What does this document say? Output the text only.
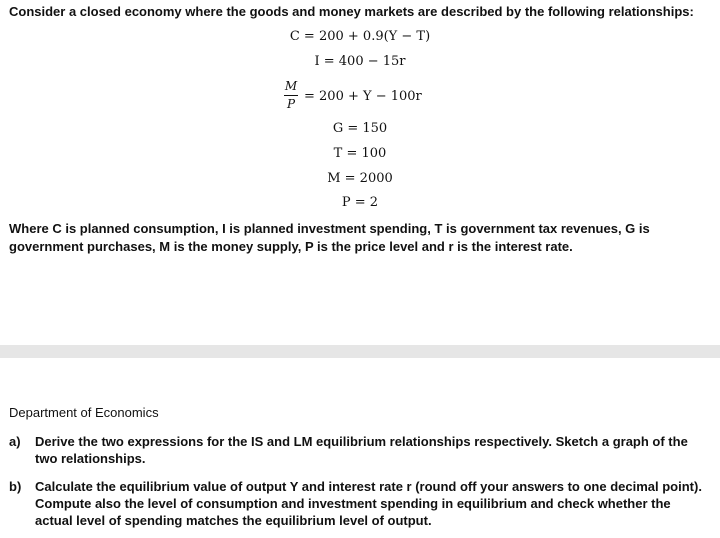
Consider a closed economy where the goods and money markets are described by the following relationships:
C = 200 + 0.9(Y − T)
I = 400 − 15r
M
P = 200 + Y − 100r
G = 150
T = 100
M = 2000
P = 2
Where C is planned consumption, I is planned investment spending, T is government tax revenues, G is government purchases, M is the money supply, P is the price level and r is the interest rate.
Department of Economics
a) Derive the two expressions for the IS and LM equilibrium relationships respectively. Sketch a graph of the two relationships.
b) Calculate the equilibrium value of output Y and interest rate r (round off your answers to one decimal point). Compute also the level of consumption and investment spending in equilibrium and check whether the actual level of spending matches the equilibrium level of output.
